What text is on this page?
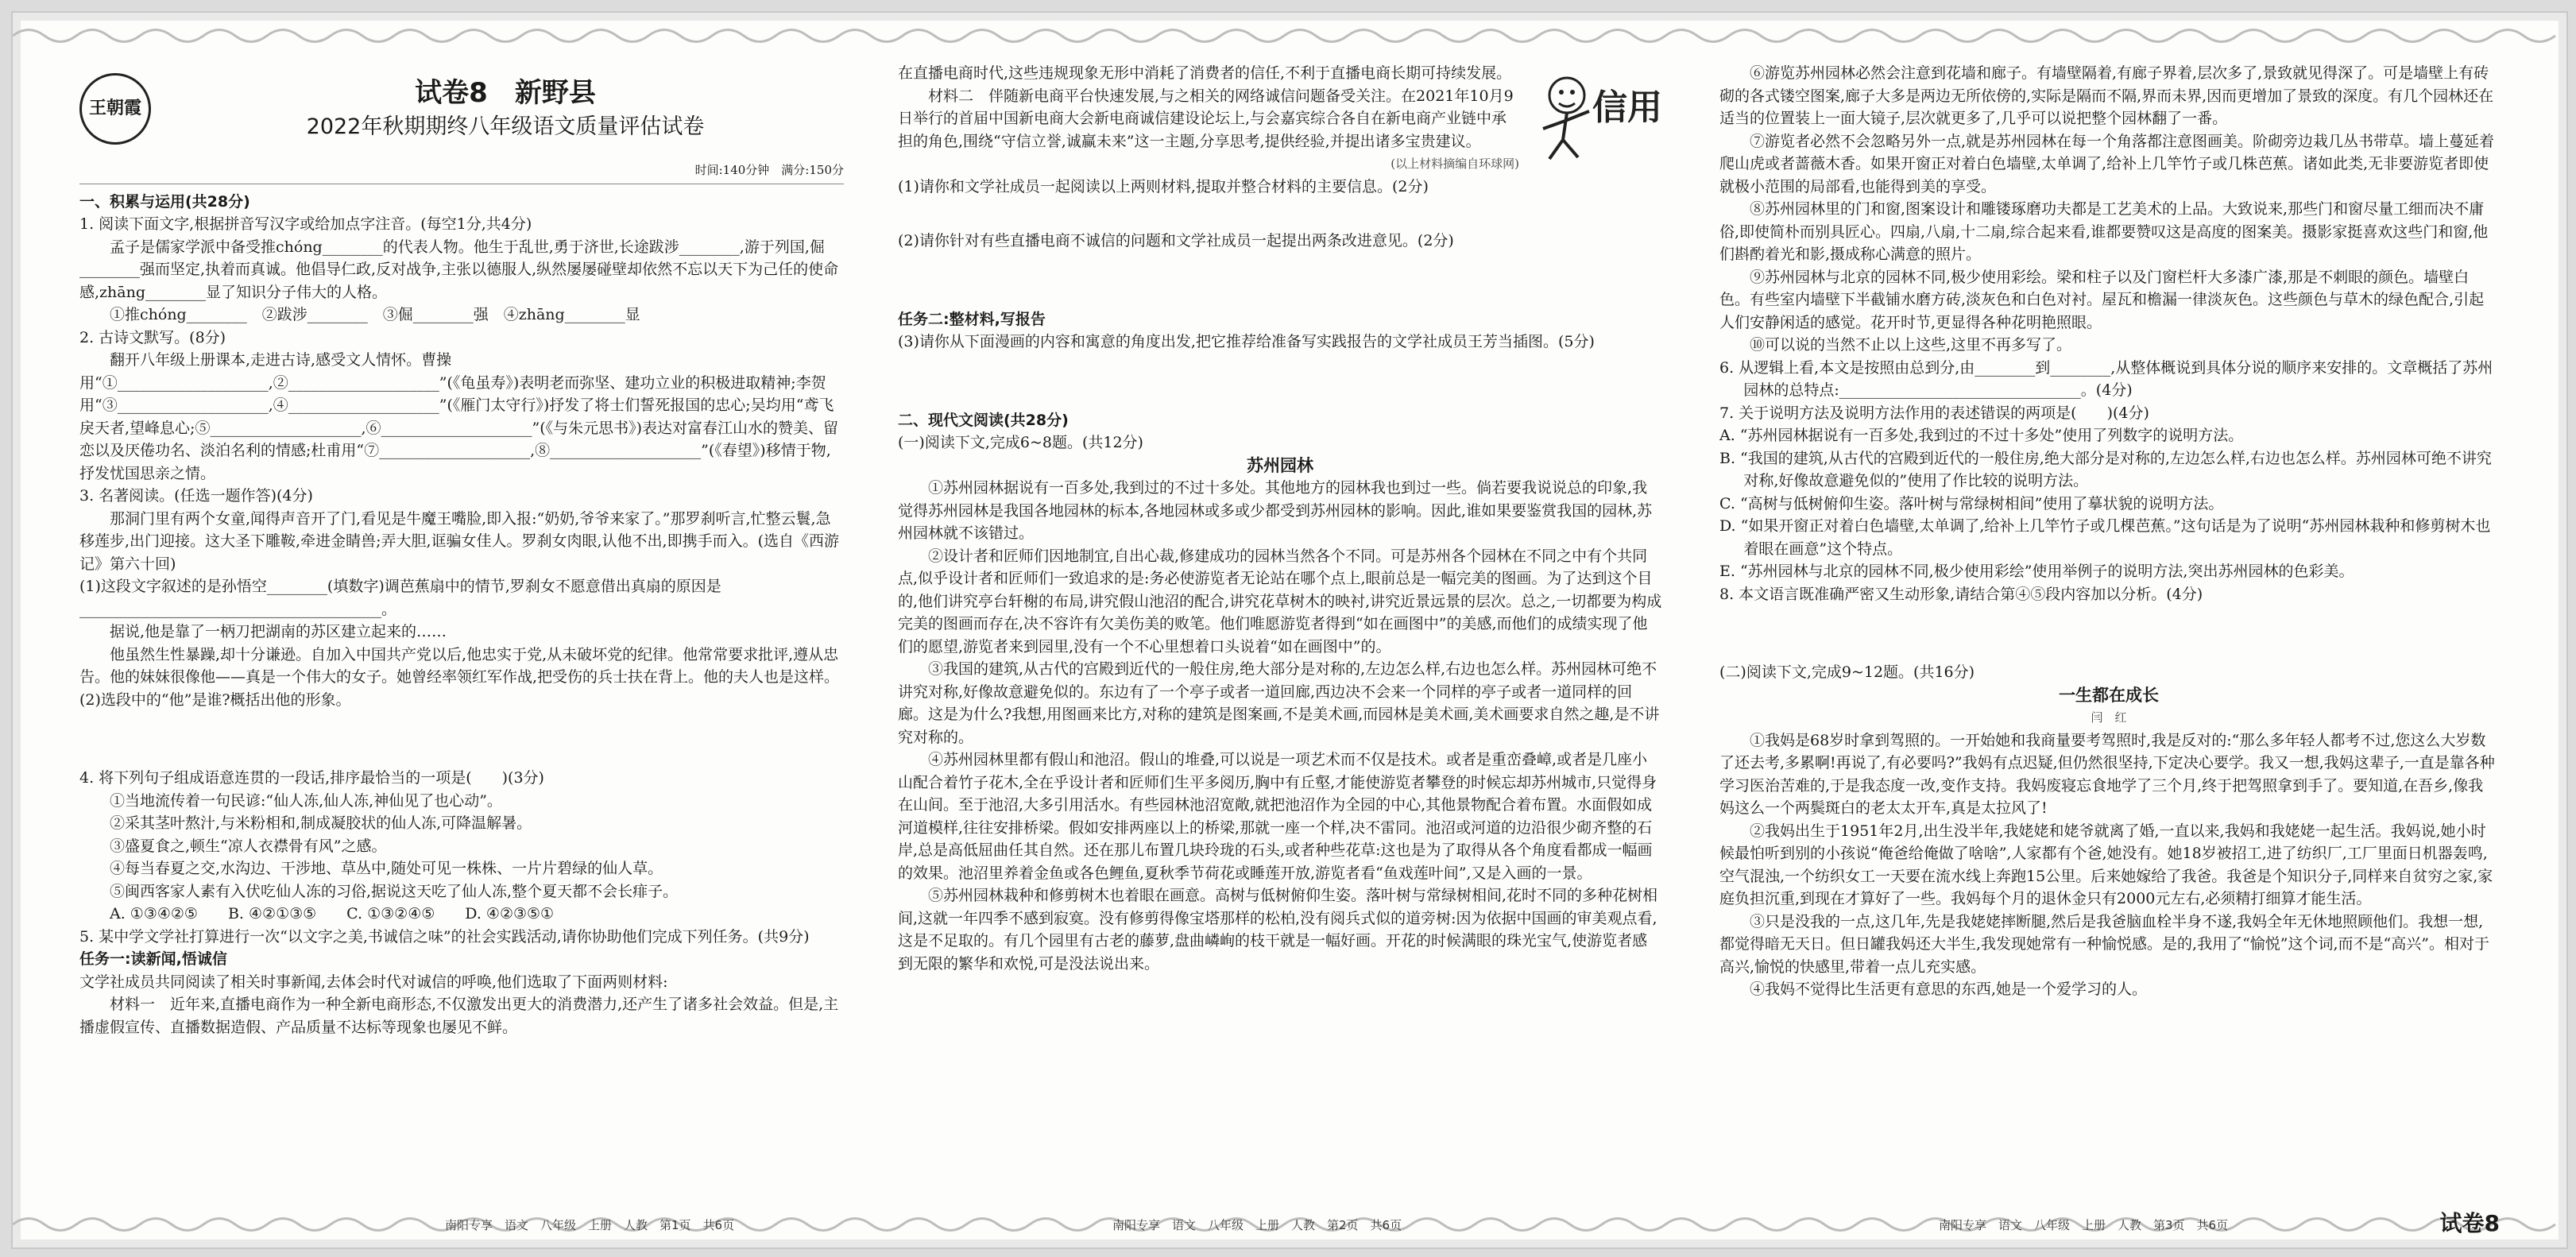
王朝霞	试卷8　新野县
2022年秋期期终八年级语文质量评估试卷
时间:140分钟　满分:150分

一、积累与运用(共28分)

1. 阅读下面文字,根据拼音写汉字或给加点字注音。(每空1分,共4分)

孟子是儒家学派中备受推chóng________的代表人物。他生于乱世,勇于济世,长途跋涉________,游于列国,倔________强而坚定,执着而真诚。他倡导仁政,反对战争,主张以德服人,纵然屡屡碰壁却依然不忘以天下为己任的使命感,zhāng________显了知识分子伟大的人格。

①推chóng________　②跋涉________　③倔________强　④zhāng________显

2. 古诗文默写。(8分)

翻开八年级上册课本,走进古诗,感受文人情怀。曹操用“①____________________,②____________________”(《龟虽寿》)表明老而弥坚、建功立业的积极进取精神;李贺用“③____________________,④____________________”(《雁门太守行》)抒发了将士们誓死报国的忠心;吴均用“鸢飞戾天者,望峰息心;⑤____________________,⑥____________________”(《与朱元思书》)表达对富春江山水的赞美、留恋以及厌倦功名、淡泊名利的情感;杜甫用“⑦____________________,⑧____________________”(《春望》)移情于物,抒发忧国思亲之情。

3. 名著阅读。(任选一题作答)(4分)

那洞门里有两个女童,闻得声音开了门,看见是牛魔王嘴脸,即入报:“奶奶,爷爷来家了。”那罗刹听言,忙整云鬟,急移莲步,出门迎接。这大圣下雕鞍,牵进金睛兽;弄大胆,诓骗女佳人。罗刹女肉眼,认他不出,即携手而入。(选自《西游记》第六十回)

(1)这段文字叙述的是孙悟空________(填数字)调芭蕉扇中的情节,罗刹女不愿意借出真扇的原因是________________________________________。

据说,他是靠了一柄刀把湖南的苏区建立起来的……

他虽然生性暴躁,却十分谦逊。自加入中国共产党以后,他忠实于党,从未破坏党的纪律。他常常要求批评,遵从忠告。他的妹妹很像他——真是一个伟大的女子。她曾经率领红军作战,把受伤的兵士扶在背上。他的夫人也是这样。

(2)选段中的“他”是谁?概括出他的形象。

4. 将下列句子组成语意连贯的一段话,排序最恰当的一项是(　　)(3分)

①当地流传着一句民谚:“仙人冻,仙人冻,神仙见了也心动”。

②采其茎叶熬汁,与米粉相和,制成凝胶状的仙人冻,可降温解暑。

③盛夏食之,顿生“凉人衣襟骨有风”之感。

④每当春夏之交,水沟边、干涉地、草丛中,随处可见一株株、一片片碧绿的仙人草。

⑤闽西客家人素有入伏吃仙人冻的习俗,据说这天吃了仙人冻,整个夏天都不会长痱子。

A. ①③④②⑤　　B. ④②①③⑤　　C. ①③②④⑤　　D. ④②③⑤①

5. 某中学文学社打算进行一次“以文字之美,书诚信之味”的社会实践活动,请你协助他们完成下列任务。(共9分)

任务一:读新闻,悟诚信

文学社成员共同阅读了相关时事新闻,去体会时代对诚信的呼唤,他们选取了下面两则材料:

材料一　近年来,直播电商作为一种全新电商形态,不仅激发出更大的消费潜力,还产生了诸多社会效益。但是,主播虚假宣传、直播数据造假、产品质量不达标等现象也屡见不鲜。

信用

在直播电商时代,这些违规现象无形中消耗了消费者的信任,不利于直播电商长期可持续发展。

材料二　伴随新电商平台快速发展,与之相关的网络诚信问题备受关注。在2021年10月9日举行的首届中国新电商大会新电商诚信建设论坛上,与会嘉宾综合各自在新电商产业链中承担的角色,围绕“守信立誉,诚赢未来”这一主题,分享思考,提供经验,并提出诸多宝贵建议。

(以上材料摘编自环球网)

(1)请你和文学社成员一起阅读以上两则材料,提取并整合材料的主要信息。(2分)

(2)请你针对有些直播电商不诚信的问题和文学社成员一起提出两条改进意见。(2分)

任务二:整材料,写报告

(3)请你从下面漫画的内容和寓意的角度出发,把它推荐给准备写实践报告的文学社成员王芳当插图。(5分)

二、现代文阅读(共28分)

(一)阅读下文,完成6~8题。(共12分)

苏州园林

①苏州园林据说有一百多处,我到过的不过十多处。其他地方的园林我也到过一些。倘若要我说说总的印象,我觉得苏州园林是我国各地园林的标本,各地园林或多或少都受到苏州园林的影响。因此,谁如果要鉴赏我国的园林,苏州园林就不该错过。

②设计者和匠师们因地制宜,自出心裁,修建成功的园林当然各个不同。可是苏州各个园林在不同之中有个共同点,似乎设计者和匠师们一致追求的是:务必使游览者无论站在哪个点上,眼前总是一幅完美的图画。为了达到这个目的,他们讲究亭台轩榭的布局,讲究假山池沼的配合,讲究花草树木的映衬,讲究近景远景的层次。总之,一切都要为构成完美的图画而存在,决不容许有欠美伤美的败笔。他们唯愿游览者得到“如在画图中”的美感,而他们的成绩实现了他们的愿望,游览者来到园里,没有一个不心里想着口头说着“如在画图中”的。

③我国的建筑,从古代的宫殿到近代的一般住房,绝大部分是对称的,左边怎么样,右边也怎么样。苏州园林可绝不讲究对称,好像故意避免似的。东边有了一个亭子或者一道回廊,西边决不会来一个同样的亭子或者一道同样的回廊。这是为什么?我想,用图画来比方,对称的建筑是图案画,不是美术画,而园林是美术画,美术画要求自然之趣,是不讲究对称的。

④苏州园林里都有假山和池沼。假山的堆叠,可以说是一项艺术而不仅是技术。或者是重峦叠嶂,或者是几座小山配合着竹子花木,全在乎设计者和匠师们生平多阅历,胸中有丘壑,才能使游览者攀登的时候忘却苏州城市,只觉得身在山间。至于池沼,大多引用活水。有些园林池沼宽敞,就把池沼作为全园的中心,其他景物配合着布置。水面假如成河道模样,往往安排桥梁。假如安排两座以上的桥梁,那就一座一个样,决不雷同。池沼或河道的边沿很少砌齐整的石岸,总是高低屈曲任其自然。还在那儿布置几块玲珑的石头,或者种些花草:这也是为了取得从各个角度看都成一幅画的效果。池沼里养着金鱼或各色鲤鱼,夏秋季节荷花或睡莲开放,游览者看“鱼戏莲叶间”,又是入画的一景。

⑤苏州园林栽种和修剪树木也着眼在画意。高树与低树俯仰生姿。落叶树与常绿树相间,花时不同的多种花树相间,这就一年四季不感到寂寞。没有修剪得像宝塔那样的松柏,没有阅兵式似的道旁树:因为依据中国画的审美观点看,这是不足取的。有几个园里有古老的藤萝,盘曲嶙峋的枝干就是一幅好画。开花的时候满眼的珠光宝气,使游览者感到无限的繁华和欢悦,可是没法说出来。

⑥游览苏州园林必然会注意到花墙和廊子。有墙壁隔着,有廊子界着,层次多了,景致就见得深了。可是墙壁上有砖砌的各式镂空图案,廊子大多是两边无所依傍的,实际是隔而不隔,界而未界,因而更增加了景致的深度。有几个园林还在适当的位置装上一面大镜子,层次就更多了,几乎可以说把整个园林翻了一番。

⑦游览者必然不会忽略另外一点,就是苏州园林在每一个角落都注意图画美。阶砌旁边栽几丛书带草。墙上蔓延着爬山虎或者蔷薇木香。如果开窗正对着白色墙壁,太单调了,给补上几竿竹子或几株芭蕉。诸如此类,无非要游览者即使就极小范围的局部看,也能得到美的享受。

⑧苏州园林里的门和窗,图案设计和雕镂琢磨功夫都是工艺美术的上品。大致说来,那些门和窗尽量工细而决不庸俗,即使简朴而别具匠心。四扇,八扇,十二扇,综合起来看,谁都要赞叹这是高度的图案美。摄影家挺喜欢这些门和窗,他们斟酌着光和影,摄成称心满意的照片。

⑨苏州园林与北京的园林不同,极少使用彩绘。梁和柱子以及门窗栏杆大多漆广漆,那是不刺眼的颜色。墙壁白色。有些室内墙壁下半截铺水磨方砖,淡灰色和白色对衬。屋瓦和檐漏一律淡灰色。这些颜色与草木的绿色配合,引起人们安静闲适的感觉。花开时节,更显得各种花明艳照眼。

⑩可以说的当然不止以上这些,这里不再多写了。

6. 从逻辑上看,本文是按照由总到分,由________到________,从整体概说到具体分说的顺序来安排的。文章概括了苏州园林的总特点:________________________________。(4分)

7. 关于说明方法及说明方法作用的表述错误的两项是(　　)(4分)

A. “苏州园林据说有一百多处,我到过的不过十多处”使用了列数字的说明方法。

B. “我国的建筑,从古代的宫殿到近代的一般住房,绝大部分是对称的,左边怎么样,右边也怎么样。苏州园林可绝不讲究对称,好像故意避免似的”使用了作比较的说明方法。

C. “高树与低树俯仰生姿。落叶树与常绿树相间”使用了摹状貌的说明方法。

D. “如果开窗正对着白色墙壁,太单调了,给补上几竿竹子或几棵芭蕉。”这句话是为了说明“苏州园林栽种和修剪树木也着眼在画意”这个特点。

E. “苏州园林与北京的园林不同,极少使用彩绘”使用举例子的说明方法,突出苏州园林的色彩美。

8. 本文语言既准确严密又生动形象,请结合第④⑤段内容加以分析。(4分)

(二)阅读下文,完成9~12题。(共16分)

一生都在成长

闫　红

①我妈是68岁时拿到驾照的。一开始她和我商量要考驾照时,我是反对的:“那么多年轻人都考不过,您这么大岁数了还去考,多累啊!再说了,有必要吗?”我妈有点迟疑,但仍然很坚持,下定决心要学。我又一想,我妈这辈子,一直是靠各种学习医治苦难的,于是我态度一改,变作支持。我妈废寝忘食地学了三个月,终于把驾照拿到手了。要知道,在吾乡,像我妈这么一个两鬓斑白的老太太开车,真是太拉风了!

②我妈出生于1951年2月,出生没半年,我姥姥和姥爷就离了婚,一直以来,我妈和我姥姥一起生活。我妈说,她小时候最怕听到别的小孩说“俺爸给俺做了啥啥”,人家都有个爸,她没有。她18岁被招工,进了纺织厂,工厂里面日机器轰鸣,空气混浊,一个纺织女工一天要在流水线上奔跑15公里。后来她嫁给了我爸。我爸是个知识分子,同样来自贫穷之家,家庭负担沉重,到现在才算好了一些。我妈每个月的退休金只有2000元左右,必须精打细算才能生活。

③只是没我的一点,这几年,先是我姥姥摔断腿,然后是我爸脑血栓半身不遂,我妈全年无休地照顾他们。我想一想,都觉得暗无天日。但日罐我妈还大半生,我发现她常有一种愉悦感。是的,我用了“愉悦”这个词,而不是“高兴”。相对于高兴,愉悦的快感里,带着一点儿充实感。

④我妈不觉得比生活更有意思的东西,她是一个爱学习的人。

南阳专享　语文　八年级　上册　人教　第1页　共6页	南阳专享　语文　八年级　上册　人教　第2页　共6页	南阳专享　语文　八年级　上册　人教　第3页　共6页	试卷8
